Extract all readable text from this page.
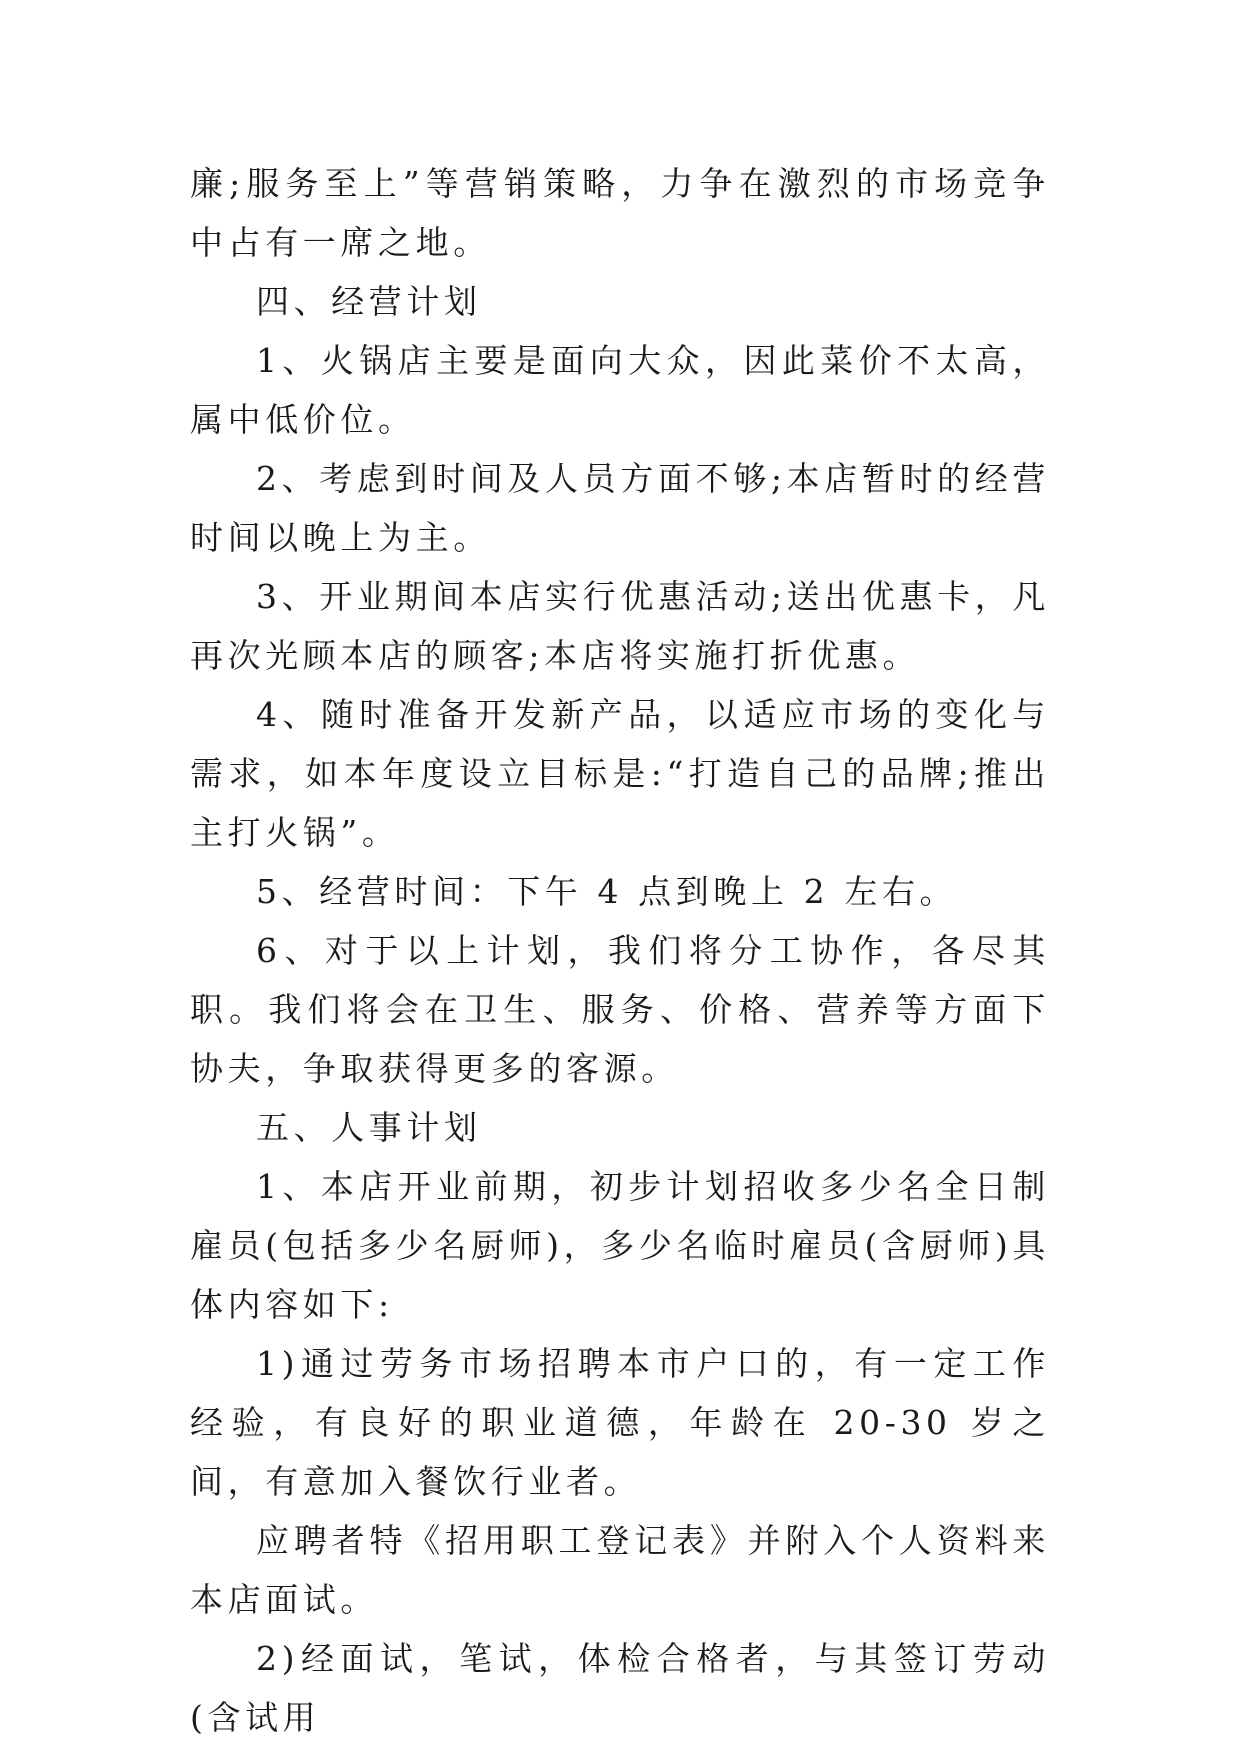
廉;服务至上”等营销策略，力争在激烈的市场竞争中占有一席之地。

四、经营计划

1、火锅店主要是面向大众，因此菜价不太高，属中低价位。

2、考虑到时间及人员方面不够;本店暂时的经营时间以晚上为主。

3、开业期间本店实行优惠活动;送出优惠卡，凡再次光顾本店的顾客;本店将实施打折优惠。

4、随时准备开发新产品，以适应市场的变化与需求，如本年度设立目标是:“打造自己的品牌;推出主打火锅”。

5、经营时间：下午 4 点到晚上 2 左右。

6、对于以上计划，我们将分工协作，各尽其职。我们将会在卫生、服务、价格、营养等方面下协夫，争取获得更多的客源。

五、人事计划

1、本店开业前期，初步计划招收多少名全日制雇员(包括多少名厨师)，多少名临时雇员(含厨师)具体内容如下:

1)通过劳务市场招聘本市户口的，有一定工作经验，有良好的职业道德，年龄在 20-30 岁之间，有意加入餐饮行业者。

应聘者特《招用职工登记表》并附入个人资料来本店面试。

2)经面试，笔试，体检合格者，与其签订劳动(含试用
